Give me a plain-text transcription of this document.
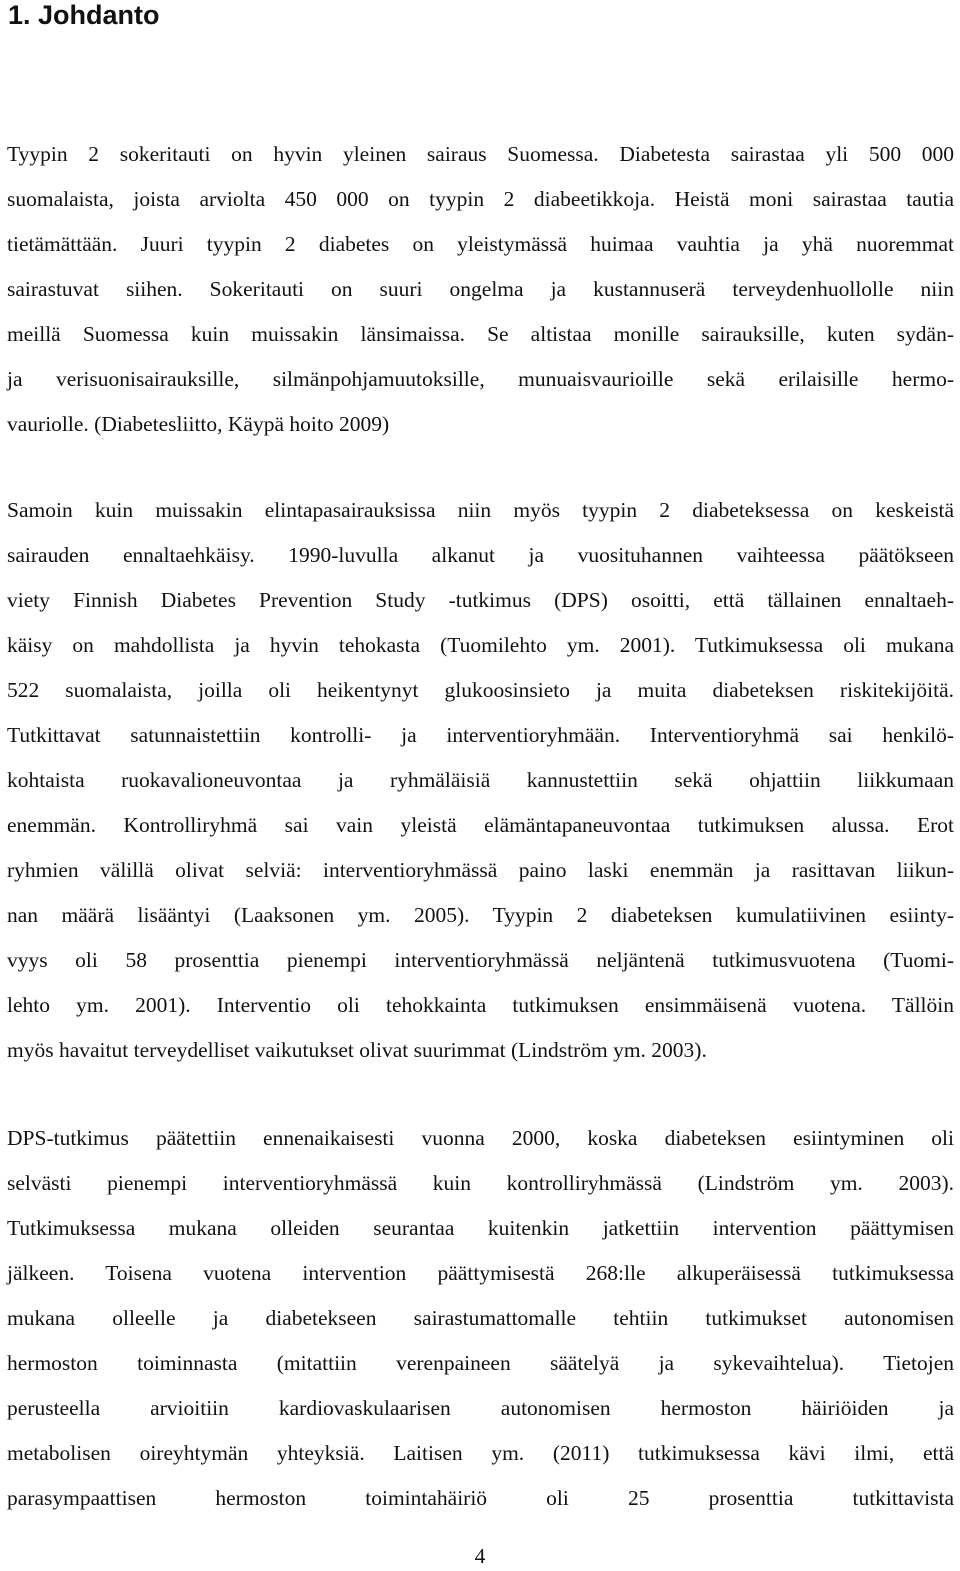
1. Johdanto
Tyypin 2 sokeritauti on hyvin yleinen sairaus Suomessa. Diabetesta sairastaa yli 500 000
suomalaista, joista arviolta 450 000 on tyypin 2 diabeetikkoja. Heistä moni sairastaa tautia
tietämättään. Juuri tyypin 2 diabetes on yleistymässä huimaa vauhtia ja yhä nuoremmat
sairastuvat siihen. Sokeritauti on suuri ongelma ja kustannuserä terveydenhuollolle niin
meillä Suomessa kuin muissakin länsimaissa. Se altistaa monille sairauksille, kuten sydän-
ja verisuonisairauksille, silmänpohjamuutoksille, munuaisvaurioille sekä erilaisille hermo-
vauriolle. (Diabetesliitto, Käypä hoito 2009)
Samoin kuin muissakin elintapasairauksissa niin myös tyypin 2 diabeteksessa on keskeistä
sairauden ennaltaehkäisy. 1990-luvulla alkanut ja vuosituhannen vaihteessa päätökseen
viety Finnish Diabetes Prevention Study -tutkimus (DPS) osoitti, että tällainen ennaltaeh-
käisy on mahdollista ja hyvin tehokasta (Tuomilehto ym. 2001). Tutkimuksessa oli mukana
522 suomalaista, joilla oli heikentynyt glukoosinsieto ja muita diabeteksen riskitekijöitä.
Tutkittavat satunnaistettiin kontrolli- ja interventioryhmään. Interventioryhmä sai henkilö-
kohtaista ruokavalioneuvontaa ja ryhmäläisiä kannustettiin sekä ohjattiin liikkumaan
enemmän. Kontrolliryhmä sai vain yleistä elämäntapaneuvontaa tutkimuksen alussa. Erot
ryhmien välillä olivat selviä: interventioryhmässä paino laski enemmän ja rasittavan liikun-
nan määrä lisääntyi (Laaksonen ym. 2005). Tyypin 2 diabeteksen kumulatiivinen esiinty-
vyys oli 58 prosenttia pienempi interventioryhmässä neljäntenä tutkimusvuotena (Tuomi-
lehto ym. 2001). Interventio oli tehokkainta tutkimuksen ensimmäisenä vuotena. Tällöin
myös havaitut terveydelliset vaikutukset olivat suurimmat (Lindström ym. 2003).
DPS-tutkimus päätettiin ennenaikaisesti vuonna 2000, koska diabeteksen esiintyminen oli
selvästi pienempi interventioryhmässä kuin kontrolliryhmässä (Lindström ym. 2003).
Tutkimuksessa mukana olleiden seurantaa kuitenkin jatkettiin intervention päättymisen
jälkeen. Toisena vuotena intervention päättymisestä 268:lle alkuperäisessä tutkimuksessa
mukana olleelle ja diabetekseen sairastumattomalle tehtiin tutkimukset autonomisen
hermoston toiminnasta (mitattiin verenpaineen säätelyä ja sykevaihtelua). Tietojen
perusteella arvioitiin kardiovaskulaarisen autonomisen hermoston häiriöiden ja
metabolisen oireyhtymän yhteyksiä. Laitisen ym. (2011) tutkimuksessa kävi ilmi, että
parasympaattisen hermoston toimintahäiriö oli 25 prosenttia tutkittavista
4
